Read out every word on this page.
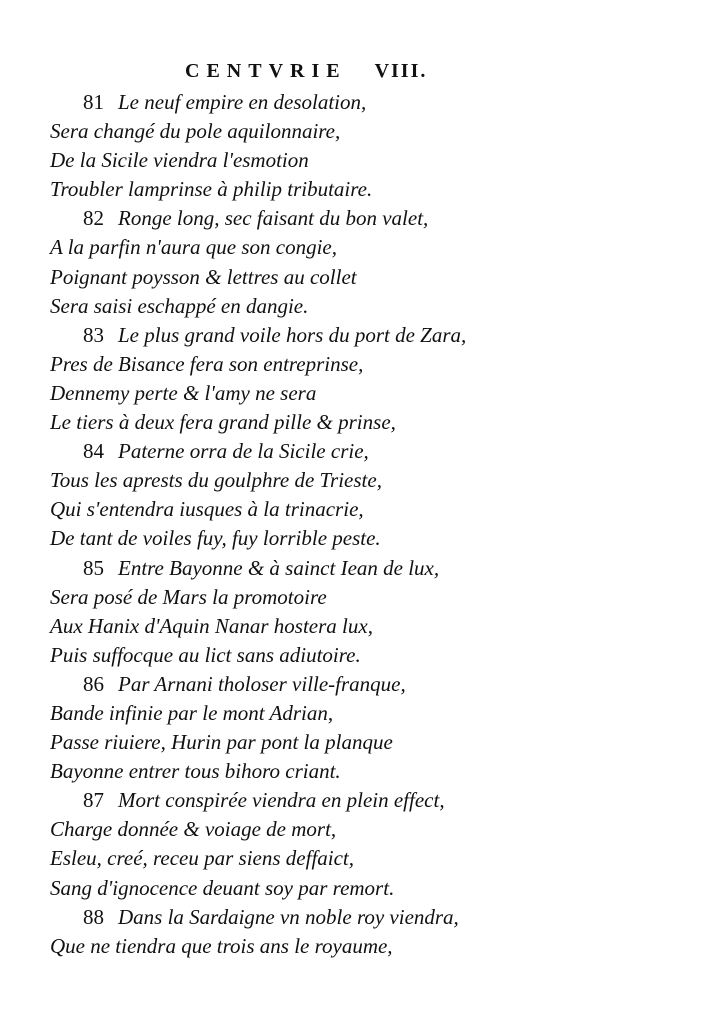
CENTVRIE VIII.
81 Le neuf empire en desolation,
Sera changé du pole aquilonnaire,
De la Sicile viendra l'esmotion
Troubler lamprinse à philip tributaire.
82 Ronge long, sec faisant du bon valet,
A la parfin n'aura que son congie,
Poignant poysson & lettres au collet
Sera saisi eschappé en dangie.
83 Le plus grand voile hors du port de Zara,
Pres de Bisance fera son entreprinse,
Dennemy perte & l'amy ne sera
Le tiers à deux fera grand pille & prinse,
84 Paterne orra de la Sicile crie,
Tous les aprests du goulphre de Trieste,
Qui s'entendra iusques à la trinacrie,
De tant de voiles fuy, fuy lorrible peste.
85 Entre Bayonne & à sainct Iean de lux,
Sera posé de Mars la promotoire
Aux Hanix d'Aquin Nanar hostera lux,
Puis suffocque au lict sans adiutoire.
86 Par Arnani tholoser ville-franque,
Bande infinie par le mont Adrian,
Passe riuiere, Hurin par pont la planque
Bayonne entrer tous bihoro criant.
87 Mort conspirée viendra en plein effect,
Charge donnée & voiage de mort,
Esleu, creé, receu par siens deffaict,
Sang d'ignocence deuant soy par remort.
88 Dans la Sardaigne vn noble roy viendra,
Que ne tiendra que trois ans le royaume,
